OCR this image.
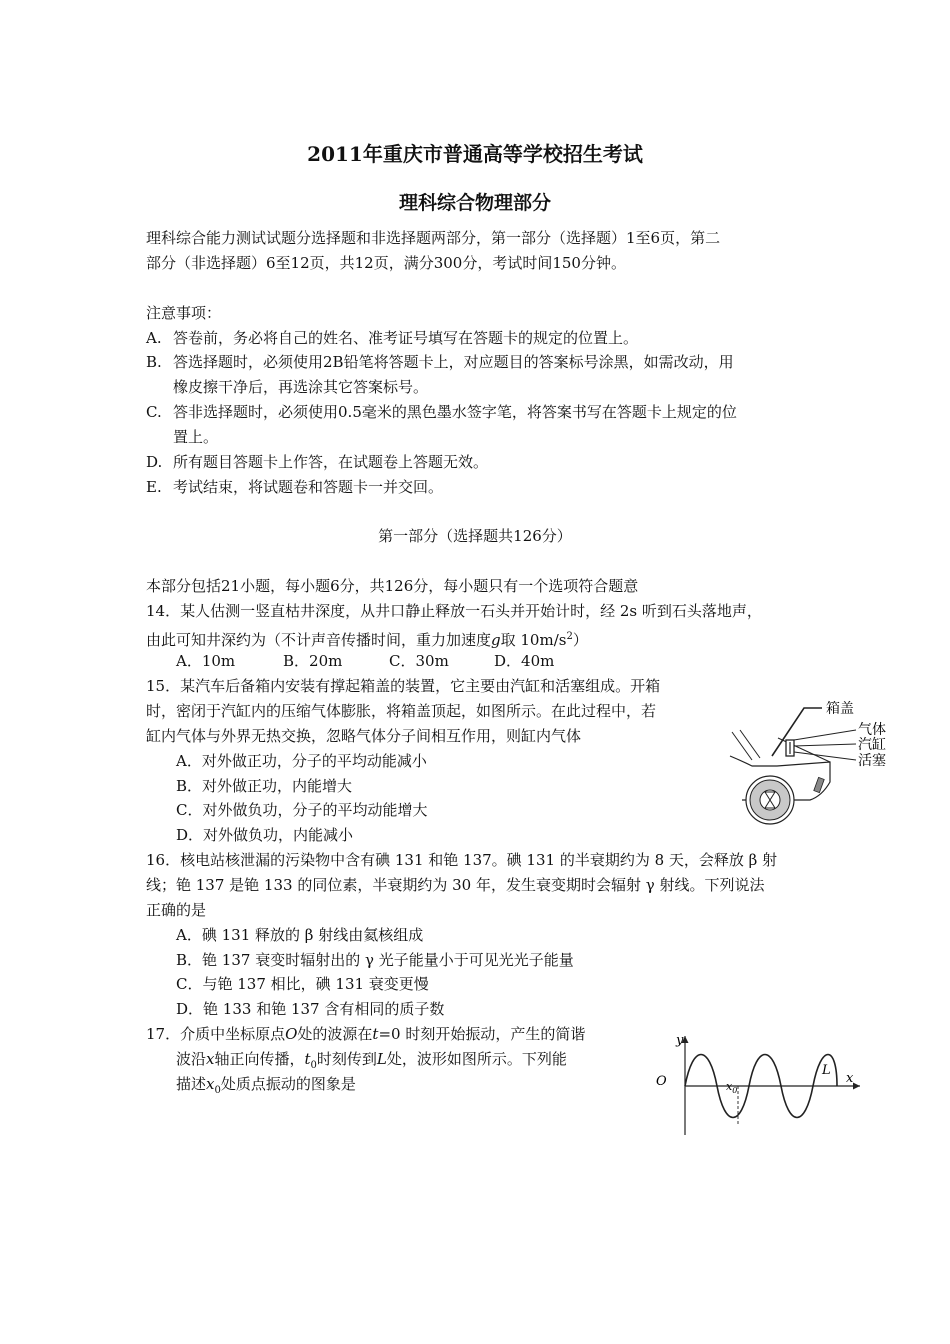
2011年重庆市普通高等学校招生考试
理科综合物理部分
理科综合能力测试试题分选择题和非选择题两部分，第一部分（选择题）1至6页，第二
部分（非选择题）6至12页，共12页，满分300分，考试时间150分钟。
注意事项：
A. 答卷前，务必将自己的姓名、准考证号填写在答题卡的规定的位置上。
B. 答选择题时，必须使用2B铅笔将答题卡上，对应题目的答案标号涂黑，如需改动，用
橡皮擦干净后，再选涂其它答案标号。
C. 答非选择题时，必须使用0.5毫米的黑色墨水签字笔，将答案书写在答题卡上规定的位
置上。
D. 所有题目答题卡上作答，在试题卷上答题无效。
E. 考试结束，将试题卷和答题卡一并交回。
第一部分（选择题共126分）
本部分包括21小题，每小题6分，共126分，每小题只有一个选项符合题意
14．某人估测一竖直枯井深度，从井口静止释放一石头并开始计时，经 2s 听到石头落地声，
由此可知井深约为（不计声音传播时间，重力加速度g取 $10m/s^2$）
A．10m	B．20m	C．30m	D．40m
15．某汽车后备箱内安装有撑起箱盖的装置，它主要由汽缸和活塞组成。开箱
时，密闭于汽缸内的压缩气体膨胀，将箱盖顶起，如图所示。在此过程中，若
缸内气体与外界无热交换，忽略气体分子间相互作用，则缸内气体
A．对外做正功，分子的平均动能减小
B．对外做正功，内能增大
C．对外做负功，分子的平均动能增大
D．对外做负功，内能减小
箱盖
气体
汽缸
活塞
16．核电站核泄漏的污染物中含有碘 131 和铯 137。碘 131 的半衰期约为 8 天，会释放 β 射
线；铯 137 是铯 133 的同位素，半衰期约为 30 年，发生衰变期时会辐射 γ 射线。下列说法
正确的是
A．碘 131 释放的 β 射线由氦核组成
B．铯 137 衰变时辐射出的 γ 光子能量小于可见光光子能量
C．与铯 137 相比，碘 131 衰变更慢
D．铯 133 和铯 137 含有相同的质子数
17．介质中坐标原点O处的波源在t=0 时刻开始振动，产生的简谐
波沿x轴正向传播，$t_0$时刻传到L处，波形如图所示。下列能
描述$x_0$处质点振动的图象是
y
O
L
x
$x_0$
